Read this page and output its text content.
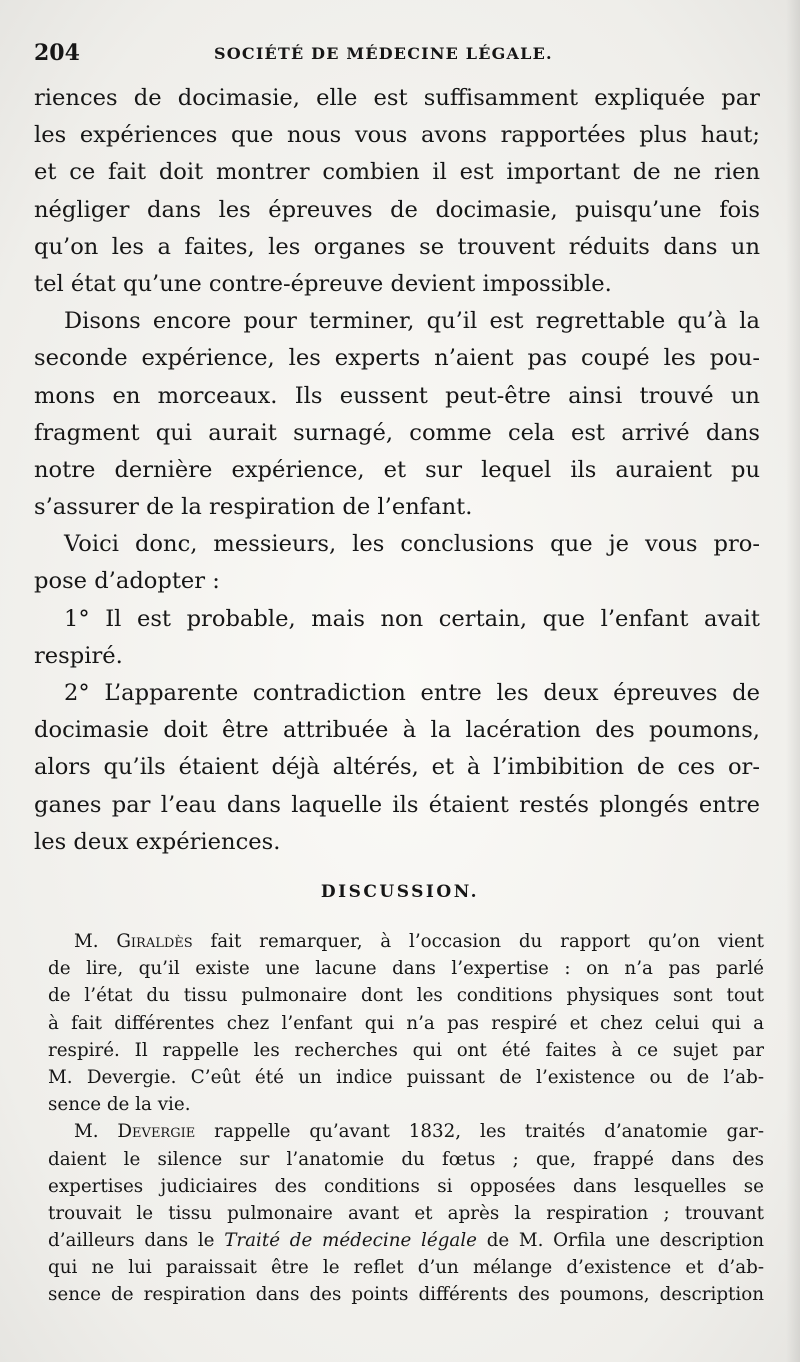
204	SOCIÉTÉ DE MÉDECINE LÉGALE.
riences de docimasie, elle est suffisamment expliquée par
les expériences que nous vous avons rapportées plus haut;
et ce fait doit montrer combien il est important de ne rien
négliger dans les épreuves de docimasie, puisqu’une fois
qu’on les a faites, les organes se trouvent réduits dans un
tel état qu’une contre-épreuve devient impossible.
Disons encore pour terminer, qu’il est regrettable qu’à la
seconde expérience, les experts n’aient pas coupé les pou-
mons en morceaux. Ils eussent peut-être ainsi trouvé un
fragment qui aurait surnagé, comme cela est arrivé dans
notre dernière expérience, et sur lequel ils auraient pu
s’assurer de la respiration de l’enfant.
Voici donc, messieurs, les conclusions que je vous pro-
pose d’adopter :
1° Il est probable, mais non certain, que l’enfant avait
respiré.
2° L’apparente contradiction entre les deux épreuves de
docimasie doit être attribuée à la lacération des poumons,
alors qu’ils étaient déjà altérés, et à l’imbibition de ces or-
ganes par l’eau dans laquelle ils étaient restés plongés entre
les deux expériences.
DISCUSSION.
M. Giraldès fait remarquer, à l’occasion du rapport qu’on vient
de lire, qu’il existe une lacune dans l’expertise : on n’a pas parlé
de l’état du tissu pulmonaire dont les conditions physiques sont tout
à fait différentes chez l’enfant qui n’a pas respiré et chez celui qui a
respiré. Il rappelle les recherches qui ont été faites à ce sujet par
M. Devergie. C’eût été un indice puissant de l’existence ou de l’ab-
sence de la vie.
M. Devergie rappelle qu’avant 1832, les traités d’anatomie gar-
daient le silence sur l’anatomie du fœtus ; que, frappé dans des
expertises judiciaires des conditions si opposées dans lesquelles se
trouvait le tissu pulmonaire avant et après la respiration ; trouvant
d’ailleurs dans le Traité de médecine légale de M. Orfila une description
qui ne lui paraissait être le reflet d’un mélange d’existence et d’ab-
sence de respiration dans des points différents des poumons, description
